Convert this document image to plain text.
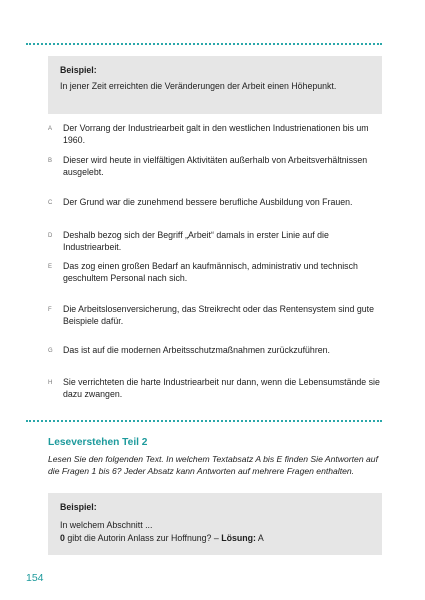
Beispiel:
In jener Zeit erreichten die Veränderungen der Arbeit einen Höhepunkt.
A Der Vorrang der Industriearbeit galt in den westlichen Industrienationen bis um 1960.
B Dieser wird heute in vielfältigen Aktivitäten außerhalb von Arbeitsverhältnissen ausgelebt.
C Der Grund war die zunehmend bessere berufliche Ausbildung von Frauen.
D Deshalb bezog sich der Begriff „Arbeit“ damals in erster Linie auf die Industriearbeit.
E Das zog einen großen Bedarf an kaufmännisch, administrativ und technisch geschultem Personal nach sich.
F Die Arbeitslosenversicherung, das Streikrecht oder das Rentensystem sind gute Beispiele dafür.
G Das ist auf die modernen Arbeitsschutzmaßnahmen zurückzuführen.
H Sie verrichteten die harte Industriearbeit nur dann, wenn die Lebensumstände sie dazu zwangen.
Leseverstehen Teil 2
Lesen Sie den folgenden Text. In welchem Textabsatz A bis E finden Sie Antworten auf die Fragen 1 bis 6? Jeder Absatz kann Antworten auf mehrere Fragen enthalten.
Beispiel:
In welchem Abschnitt ...
0 gibt die Autorin Anlass zur Hoffnung? – Lösung: A
154
